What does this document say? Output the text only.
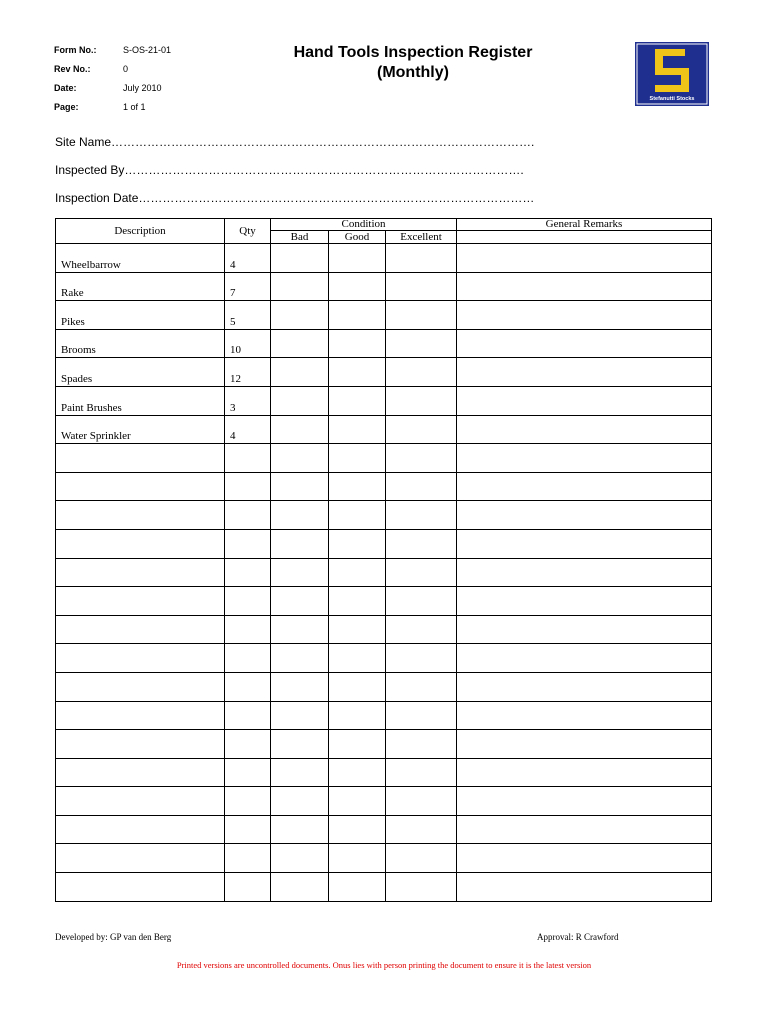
Form No.:	S-OS-21-01
Rev No.:	0
Date:	July 2010
Page:	1 of 1
Hand Tools Inspection Register
(Monthly)
Stefanutti Stocks
Site Name…………………………………………………………………………………………….
Inspected By……………………………………………………………………………………….
Inspection Date………………………………………………………………………………………
Description	Qty	Condition			General Remarks
		Bad	Good	Excellent	
Wheelbarrow	4				
Rake	7				
Pikes	5				
Brooms	10				
Spades	12				
Paint Brushes	3				
Water Sprinkler	4				

Developed by: GP van den Berg	Approval: R Crawford
Printed versions are uncontrolled documents. Onus lies with person printing the document to ensure it is the latest version
